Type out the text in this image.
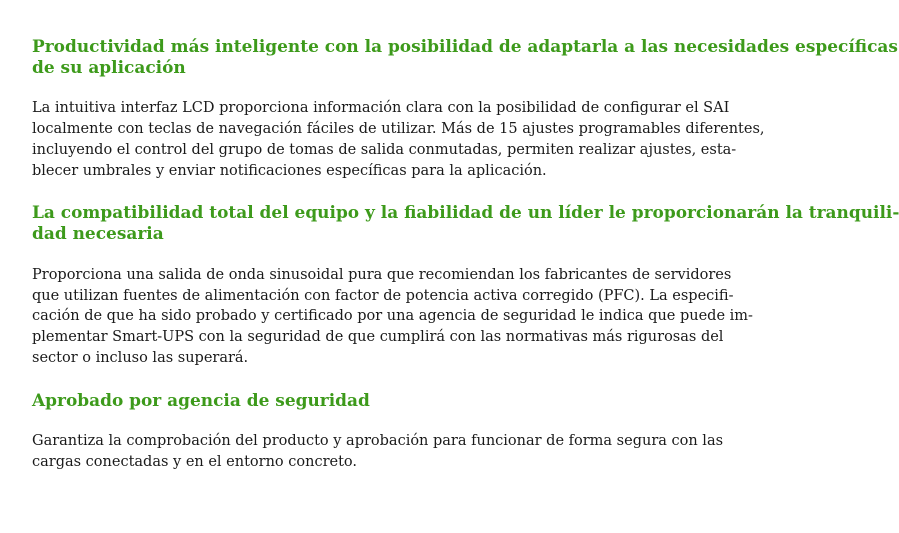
Productividad más inteligente con la posibilidad de adaptarla a las necesidades específicas
de su aplicación

La intuitiva interfaz LCD proporciona información clara con la posibilidad de configurar el SAI
localmente con teclas de navegación fáciles de utilizar. Más de 15 ajustes programables diferentes,
incluyendo el control del grupo de tomas de salida conmutadas, permiten realizar ajustes, esta-
blecer umbrales y enviar notificaciones específicas para la aplicación.

La compatibilidad total del equipo y la fiabilidad de un líder le proporcionarán la tranquili-
dad necesaria

Proporciona una salida de onda sinusoidal pura que recomiendan los fabricantes de servidores
que utilizan fuentes de alimentación con factor de potencia activa corregido (PFC). La especifi-
cación de que ha sido probado y certificado por una agencia de seguridad le indica que puede im-
plementar Smart-UPS con la seguridad de que cumplirá con las normativas más rigurosas del
sector o incluso las superará.

Aprobado por agencia de seguridad

Garantiza la comprobación del producto y aprobación para funcionar de forma segura con las
cargas conectadas y en el entorno concreto.
